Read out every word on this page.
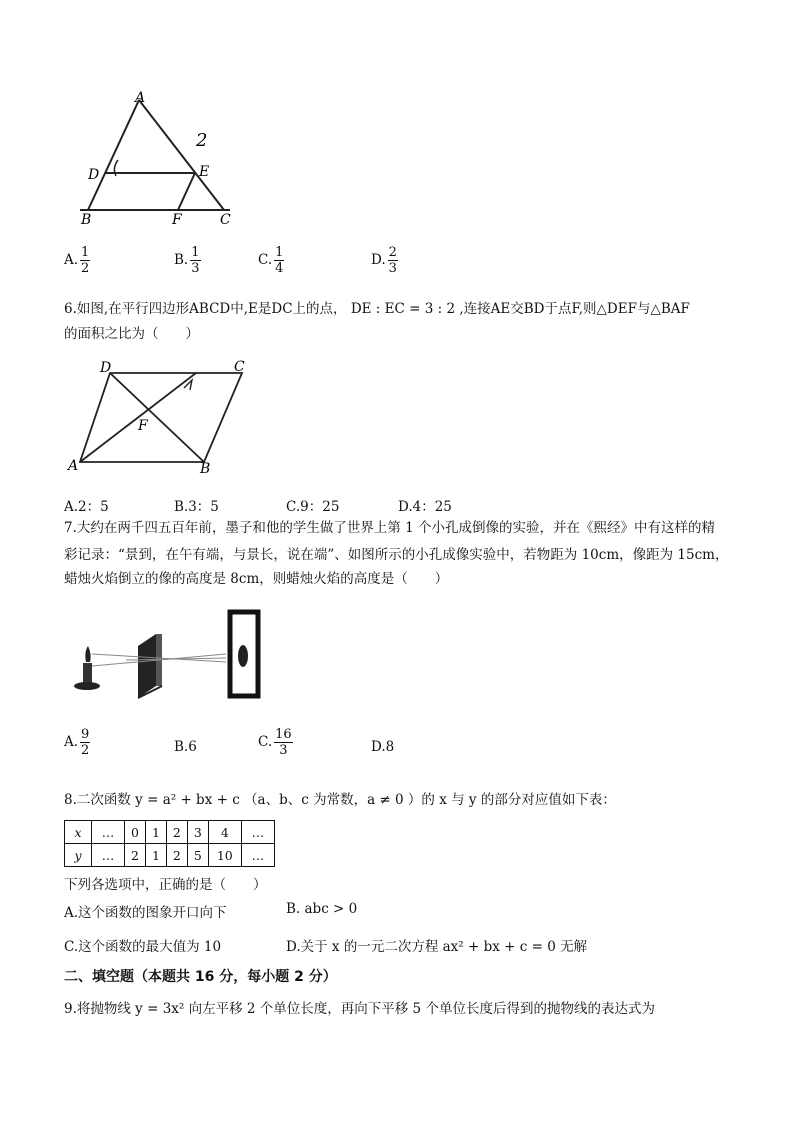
A
D	E
B	F	C
2
A. $\frac{1}{2}$	B. $\frac{1}{3}$	C. $\frac{1}{4}$	D. $\frac{2}{3}$
6.如图,在平行四边形ABCD中,E是DC上的点， DE : EC = 3 : 2 ,连接AE交BD于点F,则△DEF与△BAF
的面积之比为（　　）
D	C
F
A	B
A.2：5	B.3：5	C.9：25	D.4：25
7.大约在两千四五百年前，墨子和他的学生做了世界上第 1 个小孔成倒像的实验，并在《熙经》中有这样的精
彩记录：“景到，在午有端，与景长，说在端”、如图所示的小孔成像实验中，若物距为 10cm，像距为 15cm，
蜡烛火焰倒立的像的高度是 8cm，则蜡烛火焰的高度是（　　）
A. $\frac{9}{2}$	B.6	C. $\frac{16}{3}$	D.8
8.二次函数 y = a² + bx + c （a、b、c 为常数，a ≠ 0 ）的 x 与 y 的部分对应值如下表：
x	…	0	1	2	3	4	…
y	…	2	1	2	5	10	…
下列各选项中，正确的是（　　）
A.这个函数的图象开口向下	B. abc > 0
C.这个函数的最大值为 10	D.关于 x 的一元二次方程 ax² + bx + c = 0 无解
二、填空题（本题共 16 分，每小题 2 分）
9.将抛物线 y = 3x² 向左平移 2 个单位长度，再向下平移 5 个单位长度后得到的抛物线的表达式为
